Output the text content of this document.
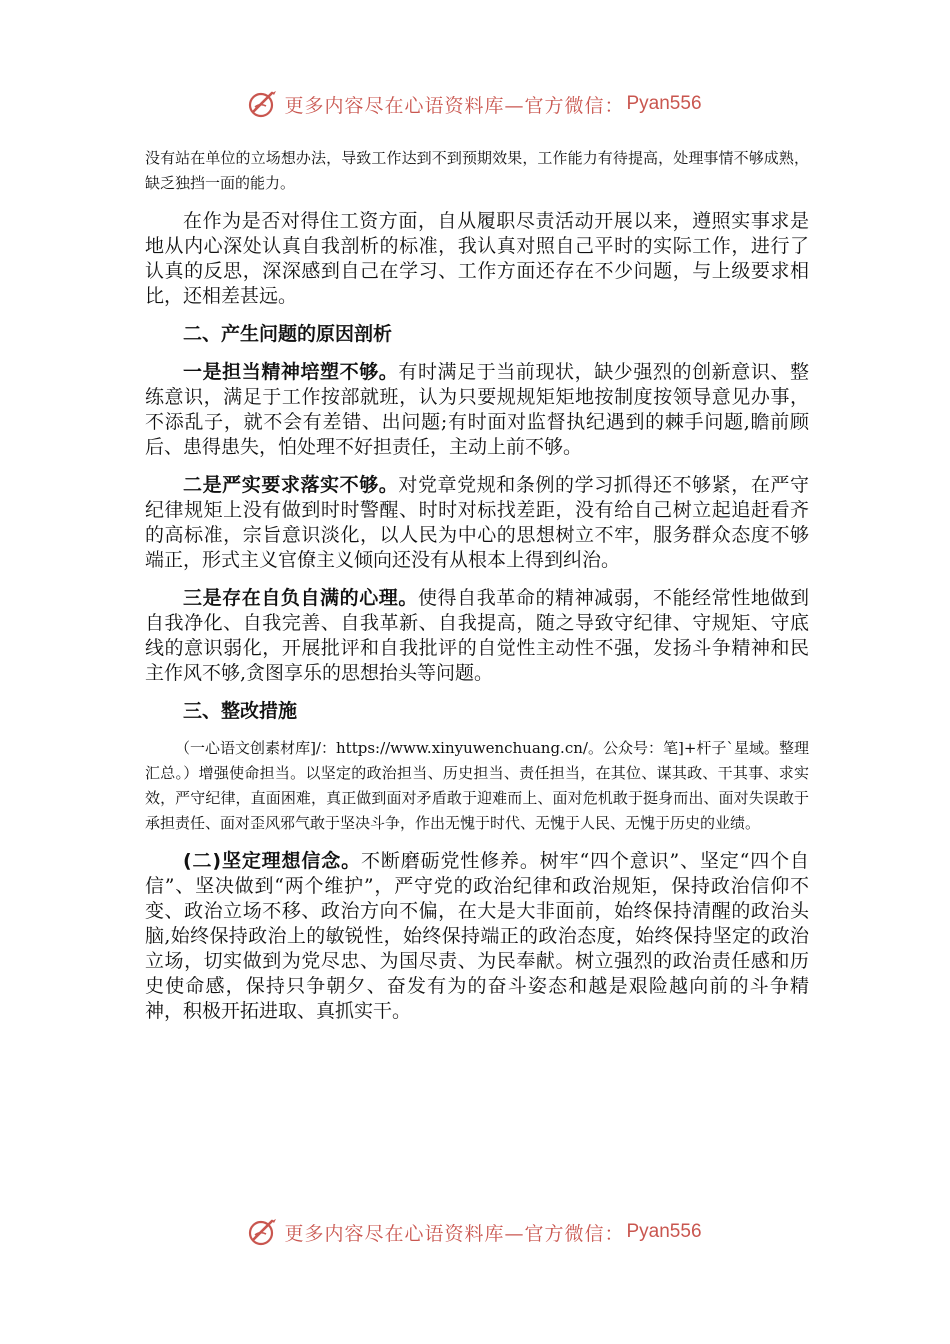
更多内容尽在心语资料库—官方微信： Pyan556

没有站在单位的立场想办法，导致工作达到不到预期效果，工作能力有待提高，处理事情不够成熟，缺乏独挡一面的能力。

在作为是否对得住工资方面，自从履职尽责活动开展以来，遵照实事求是地从内心深处认真自我剖析的标准，我认真对照自己平时的实际工作，进行了认真的反思，深深感到自己在学习、工作方面还存在不少问题，与上级要求相比，还相差甚远。

二、产生问题的原因剖析

一是担当精神培塑不够。有时满足于当前现状，缺少强烈的创新意识、整练意识，满足于工作按部就班，认为只要规规矩矩地按制度按领导意见办事，不添乱子，就不会有差错、出问题;有时面对监督执纪遇到的棘手问题,瞻前顾后、患得患失，怕处理不好担责任，主动上前不够。

二是严实要求落实不够。对党章党规和条例的学习抓得还不够紧，在严守纪律规矩上没有做到时时警醒、时时对标找差距，没有给自己树立起追赶看齐的高标准，宗旨意识淡化，以人民为中心的思想树立不牢，服务群众态度不够端正，形式主义官僚主义倾向还没有从根本上得到纠治。

三是存在自负自满的心理。使得自我革命的精神减弱，不能经常性地做到自我净化、自我完善、自我革新、自我提高，随之导致守纪律、守规矩、守底线的意识弱化，开展批评和自我批评的自觉性主动性不强，发扬斗争精神和民主作风不够,贪图享乐的思想抬头等问题。

三、整改措施

（一心语文创素材库]/：https://www.xinyuwenchuang.cn/。公众号：笔]+杆子`星域。整理汇总。）增强使命担当。以坚定的政治担当、历史担当、责任担当，在其位、谋其政、干其事、求实效，严守纪律，直面困难，真正做到面对矛盾敢于迎难而上、面对危机敢于挺身而出、面对失误敢于承担责任、面对歪风邪气敢于坚决斗争，作出无愧于时代、无愧于人民、无愧于历史的业绩。

(二)坚定理想信念。不断磨砺党性修养。树牢“四个意识”、坚定“四个自信”、坚决做到“两个维护”，严守党的政治纪律和政治规矩，保持政治信仰不变、政治立场不移、政治方向不偏，在大是大非面前，始终保持清醒的政治头脑,始终保持政治上的敏锐性，始终保持端正的政治态度，始终保持坚定的政治立场，切实做到为党尽忠、为国尽责、为民奉献。树立强烈的政治责任感和历史使命感，保持只争朝夕、奋发有为的奋斗姿态和越是艰险越向前的斗争精神，积极开拓进取、真抓实干。

更多内容尽在心语资料库—官方微信： Pyan556
